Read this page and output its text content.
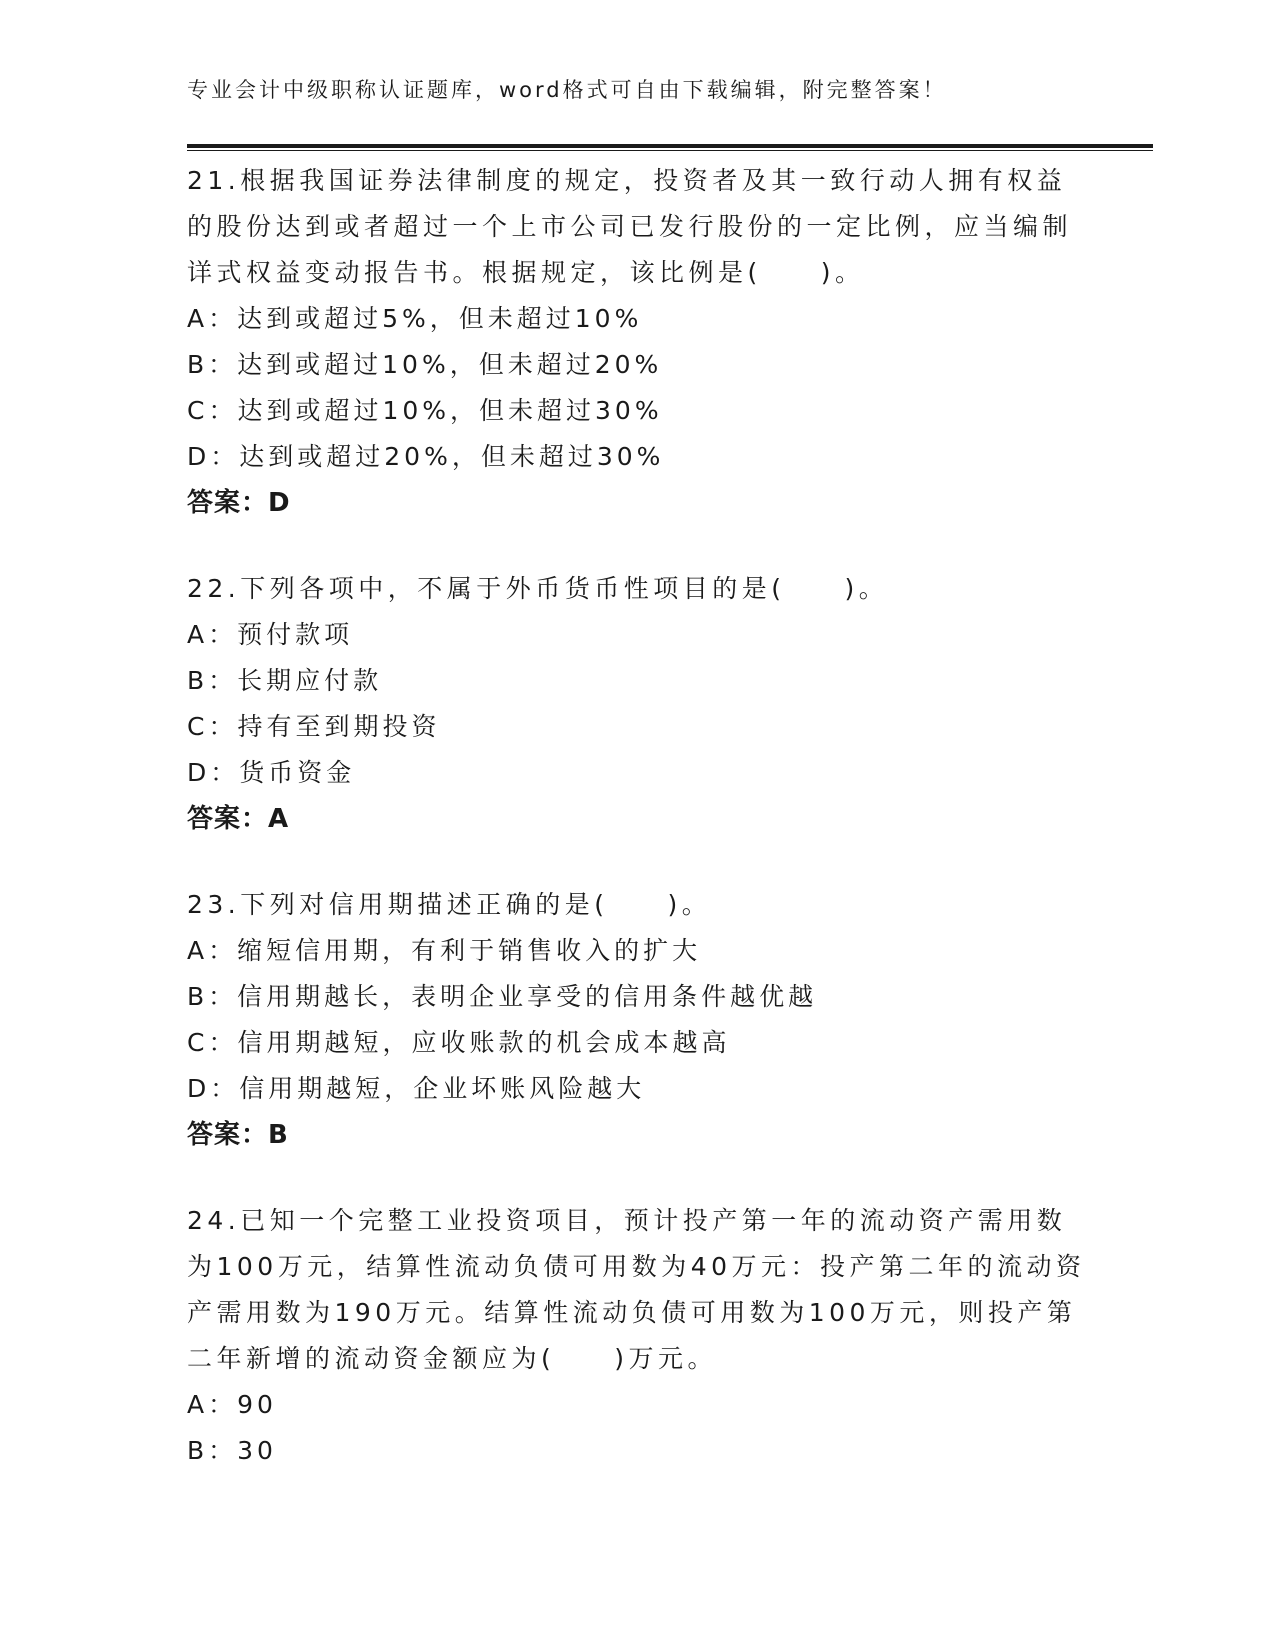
专业会计中级职称认证题库，word格式可自由下载编辑，附完整答案！
21.根据我国证券法律制度的规定，投资者及其一致行动人拥有权益的股份达到或者超过一个上市公司已发行股份的一定比例，应当编制详式权益变动报告书。根据规定，该比例是(　　)。
A：达到或超过5%，但未超过10%
B：达到或超过10%，但未超过20%
C：达到或超过10%，但未超过30%
D：达到或超过20%，但未超过30%
答案：D
22.下列各项中，不属于外币货币性项目的是(　　)。
A：预付款项
B：长期应付款
C：持有至到期投资
D：货币资金
答案：A
23.下列对信用期描述正确的是(　　)。
A：缩短信用期，有利于销售收入的扩大
B：信用期越长，表明企业享受的信用条件越优越
C：信用期越短，应收账款的机会成本越高
D：信用期越短，企业坏账风险越大
答案：B
24.已知一个完整工业投资项目，预计投产第一年的流动资产需用数为100万元，结算性流动负债可用数为40万元：投产第二年的流动资产需用数为190万元。结算性流动负债可用数为100万元，则投产第二年新增的流动资金额应为(　　)万元。
A：90
B：30
